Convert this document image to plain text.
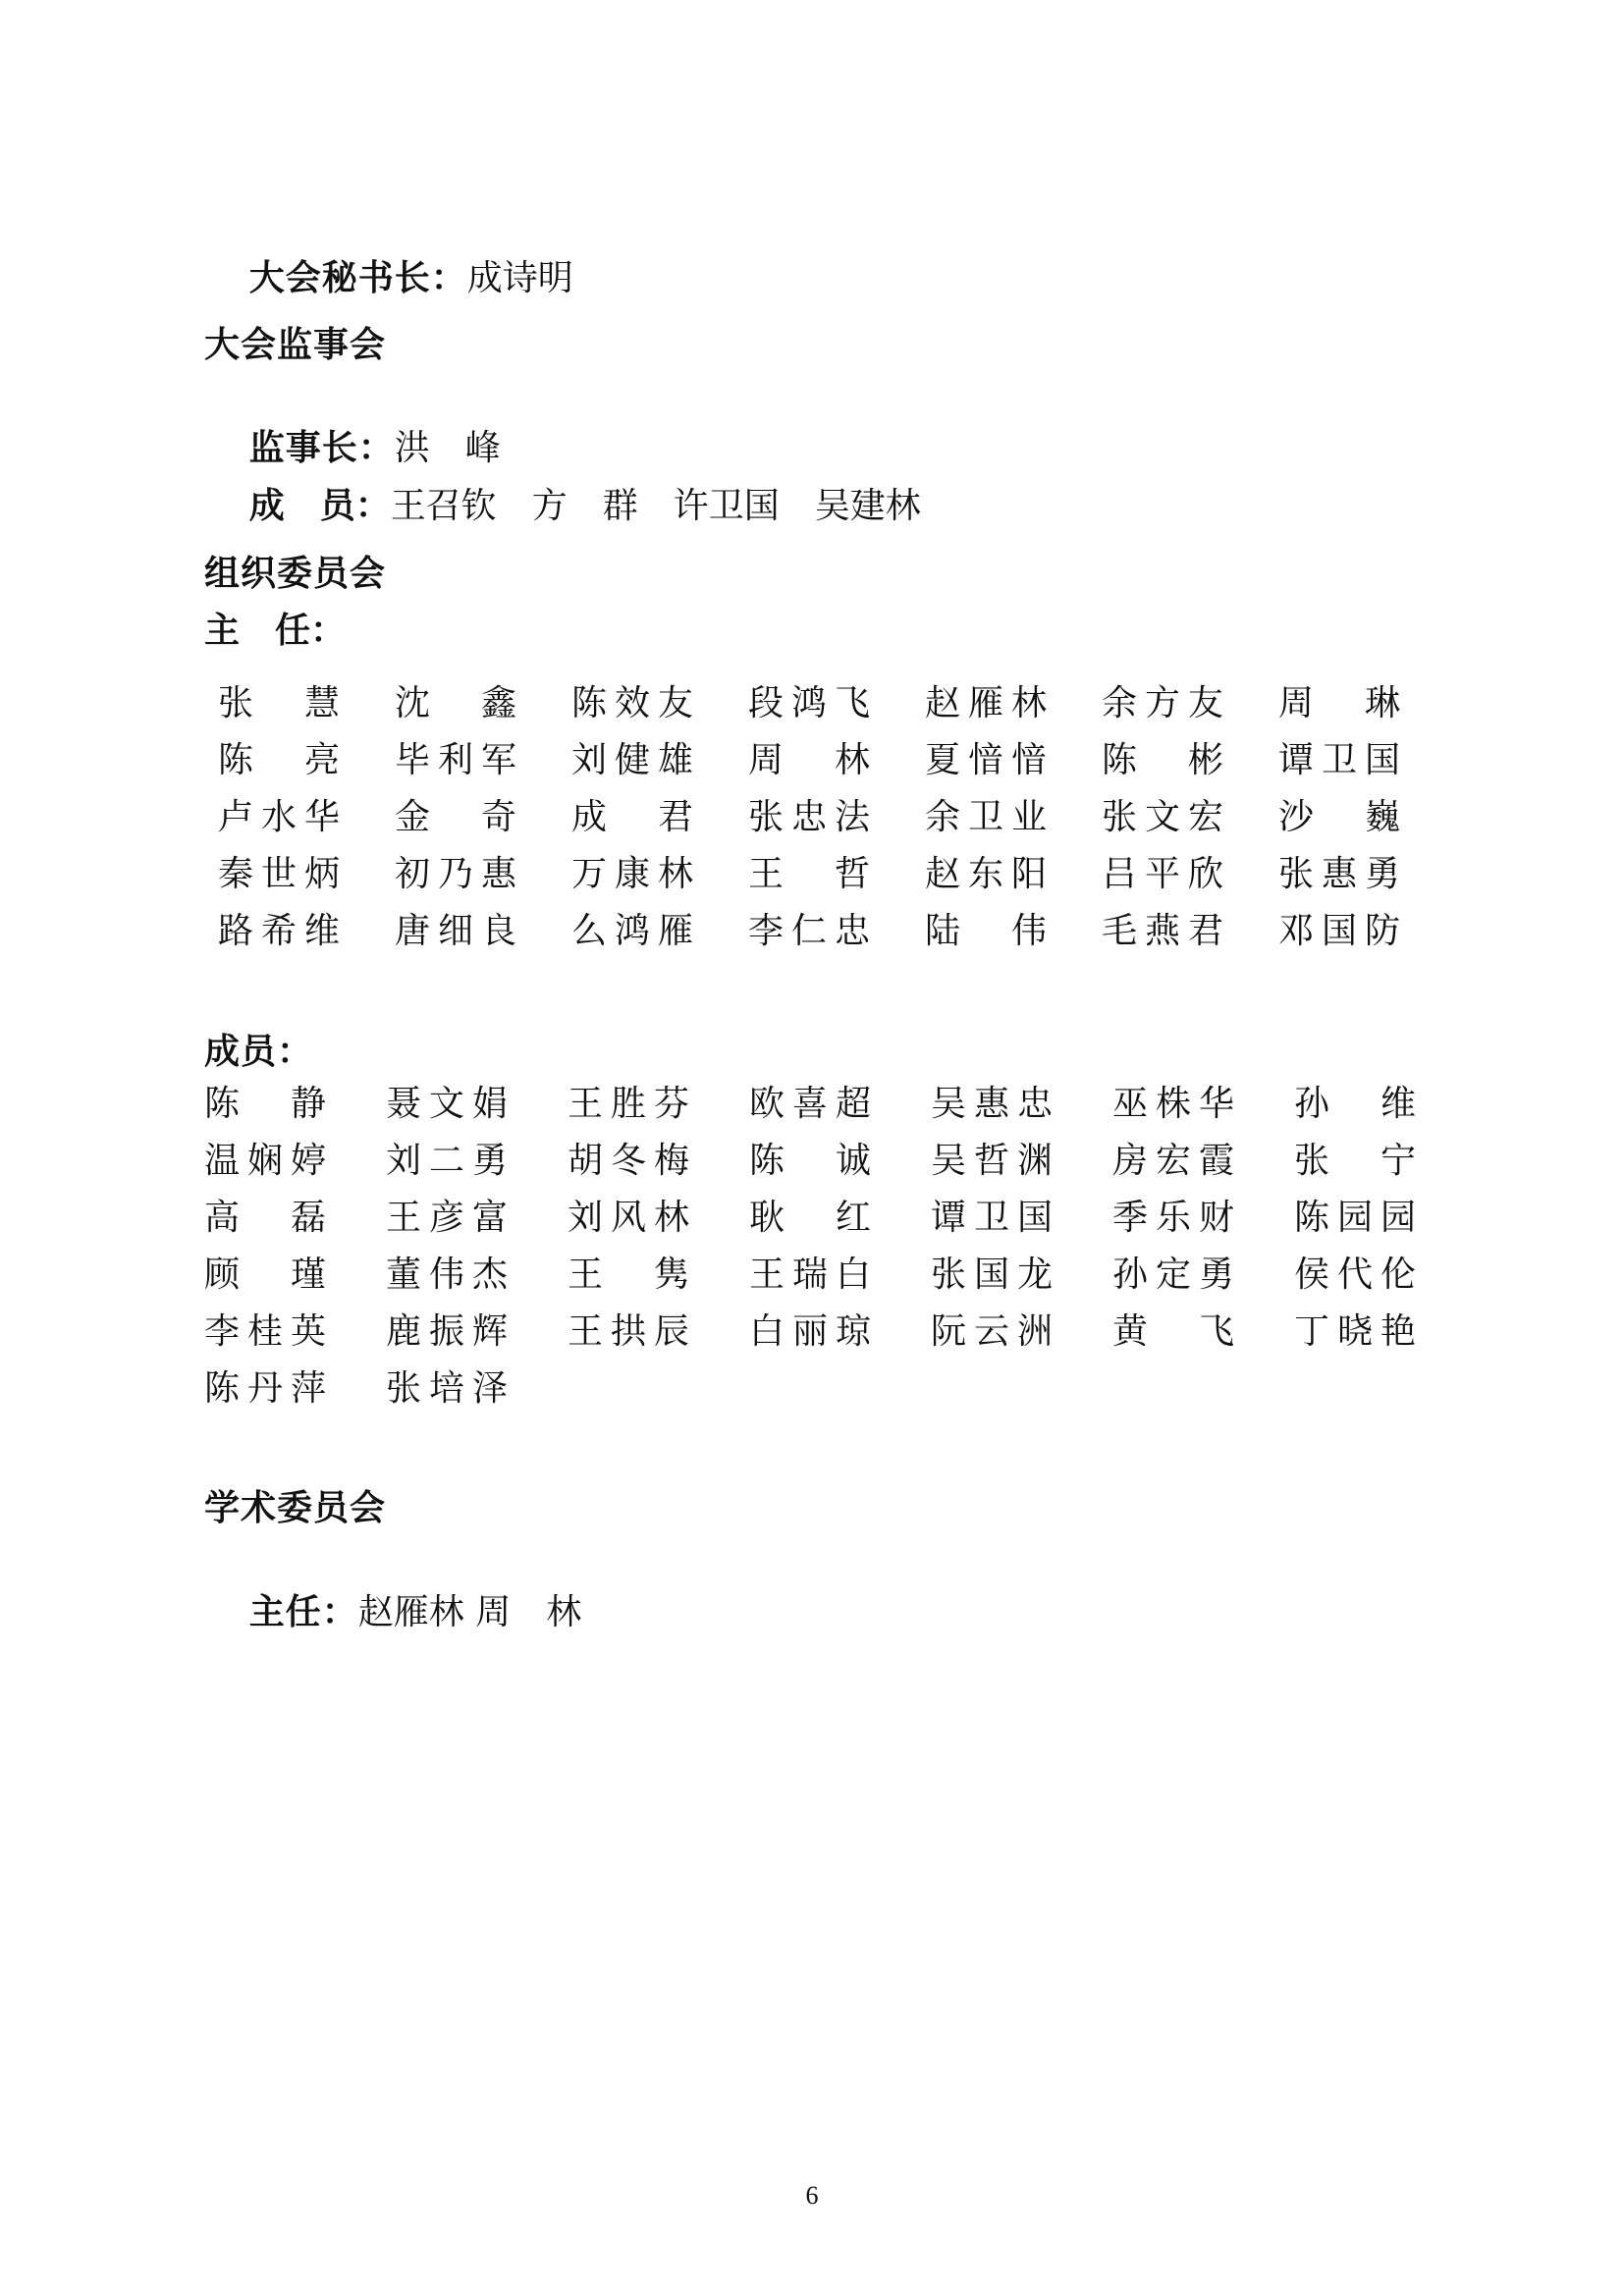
大会秘书长：成诗明

大会监事会

监事长：洪　峰

成　员：王召钦　方　群　许卫国　吴建林

组织委员会
主　任：
张 慧 沈 鑫 陈 效 友 段 鸿 飞 赵 雁 林 余 方 友 周 琳
陈 亮 毕 利 军 刘 健 雄 周 林 夏 愔 愔 陈 彬 谭 卫 国
卢 水 华 金 奇 成 君 张 忠 法 余 卫 业 张 文 宏 沙 巍
秦 世 炳 初 乃 惠 万 康 林 王 哲 赵 东 阳 吕 平 欣 张 惠 勇
路 希 维 唐 细 良 么 鸿 雁 李 仁 忠 陆 伟 毛 燕 君 邓 国 防
成员：
陈 静 聂 文 娟 王 胜 芬 欧 喜 超 吴 惠 忠 巫 株 华 孙 维
温 娴 婷 刘 二 勇 胡 冬 梅 陈 诚 吴 哲 渊 房 宏 霞 张 宁
高 磊 王 彦 富 刘 风 林 耿 红 谭 卫 国 季 乐 财 陈 园 园
顾 瑾 董 伟 杰 王 隽 王 瑞 白 张 国 龙 孙 定 勇 侯 代 伦
李 桂 英 鹿 振 辉 王 拱 辰 白 丽 琼 阮 云 洲 黄 飞 丁 晓 艳
陈 丹 萍 张 培 泽
学术委员会

主任：赵雁林 周　林

6
